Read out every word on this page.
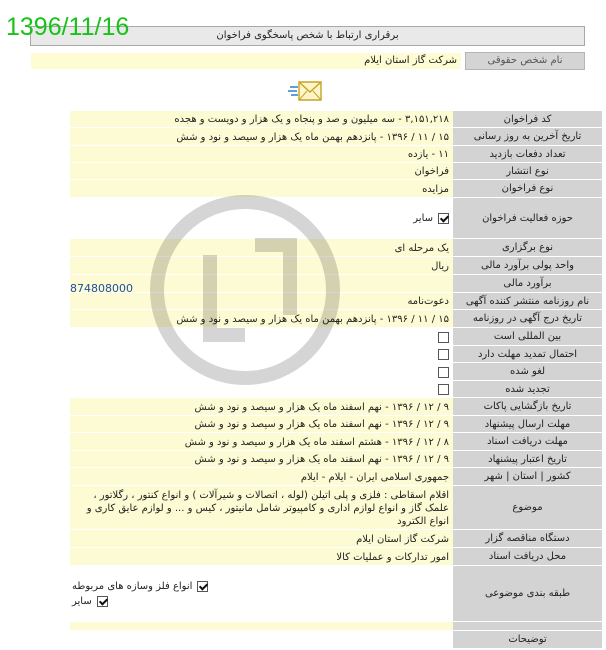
1396/11/16	برقراری ارتباط با شخص پاسخگوی فراخوان
نام شخص حقوقی
شرکت گاز استان ایلام
کد فراخوان
۳,۱۵۱,۲۱۸ - سه میلیون و صد و پنجاه و یک هزار و دویست و هجده
تاریخ آخرین به روز رسانی
۱۵ / ۱۱ / ۱۳۹۶ - پانزدهم بهمن ماه یک هزار و سیصد و نود و شش
تعداد دفعات بازدید
۱۱ - یازده
نوع انتشار
فراخوان
نوع فراخوان
مزایده
حوزه فعالیت فراخوان
سایر
نوع برگزاری
یک مرحله ای
واحد پولی برآورد مالی
ریال
برآورد مالی
نام روزنامه منتشر کننده آگهی
دعوت‌نامه
تاریخ درج آگهی در روزنامه
۱۵ / ۱۱ / ۱۳۹۶ - پانزدهم بهمن ماه یک هزار و سیصد و نود و شش
بین المللی است
احتمال تمدید مهلت دارد
لغو شده
تجدید شده
تاریخ بازگشایی پاکات
۹ / ۱۲ / ۱۳۹۶ - نهم اسفند ماه یک هزار و سیصد و نود و شش
مهلت ارسال پیشنهاد
۹ / ۱۲ / ۱۳۹۶ - نهم اسفند ماه یک هزار و سیصد و نود و شش
مهلت دریافت اسناد
۸ / ۱۲ / ۱۳۹۶ - هشتم اسفند ماه یک هزار و سیصد و نود و شش
تاریخ اعتبار پیشنهاد
۹ / ۱۲ / ۱۳۹۶ - نهم اسفند ماه یک هزار و سیصد و نود و شش
کشور | استان | شهر
جمهوری اسلامی ایران - ایلام - ایلام
موضوع
اقلام اسقاطی : فلزی و پلی اتیلن (لوله ، اتصالات و شیرآلات ) و انواع کنتور ، رگلاتور ، علمک گاز و انواع لوازم اداری و کامپیوتر شامل مانیتور ، کیس و ... و لوازم عایق کاری و انواع الکترود
دستگاه مناقصه گزار
شرکت گاز استان ایلام
محل دریافت اسناد
امور تدارکات و عملیات کالا
طبقه بندی موضوعی
انواع فلز وسازه های مربوطه
سایر
توضیحات
874808000
